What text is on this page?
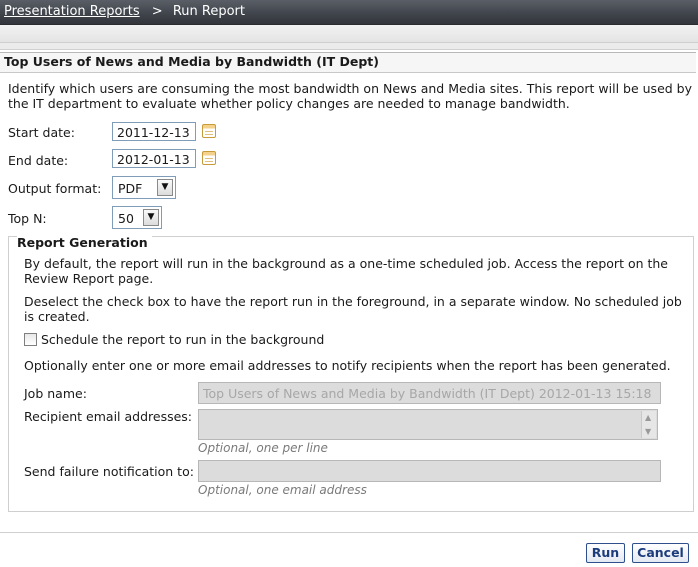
Presentation Reports > Run Report
Top Users of News and Media by Bandwidth (IT Dept)
Identify which users are consuming the most bandwidth on News and Media sites. This report will be used by the IT department to evaluate whether policy changes are needed to manage bandwidth.
Start date:	2011-12-13
End date:	2012-01-13
Output format: PDF	▼
Top N:	50	▼
Report Generation
By default, the report will run in the background as a one-time scheduled job. Access the report on the Review Report page.
Deselect the check box to have the report run in the foreground, in a separate window. No scheduled job is created.
Schedule the report to run in the background
Optionally enter one or more email addresses to notify recipients when the report has been generated.
Job name:	Top Users of News and Media by Bandwidth (IT Dept) 2012-01-13 15:18
Recipient email addresses:	▲
▼
Optional, one per line
Send failure notification to:
Optional, one email address
Run	Cancel
